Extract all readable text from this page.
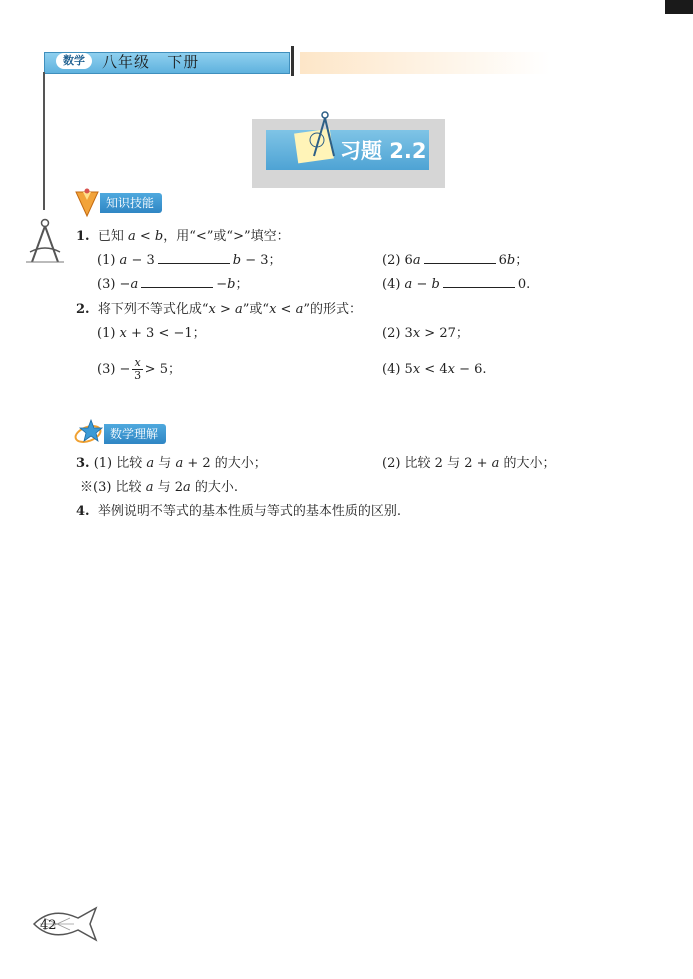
数学	八年级   下册
习题 2.2
知识技能
1. 已知 a < b，用“<”或“>”填空：
(1) a − 3	b − 3；	(2) 6a	6b；
(3) −a	−b；	(4) a − b	0.
2. 将下列不等式化成“x > a”或“x < a”的形式：
(1) x + 3 < −1；	(2) 3x > 27；
$(3) - \frac{x}{3} > 5$；	(4) 5x < 4x − 6.
数学理解
3. (1) 比较 a 与 a + 2 的大小；	(2) 比较 2 与 2 + a 的大小；
※(3) 比较 a 与 2a 的大小.
4. 举例说明不等式的基本性质与等式的基本性质的区别.
42
